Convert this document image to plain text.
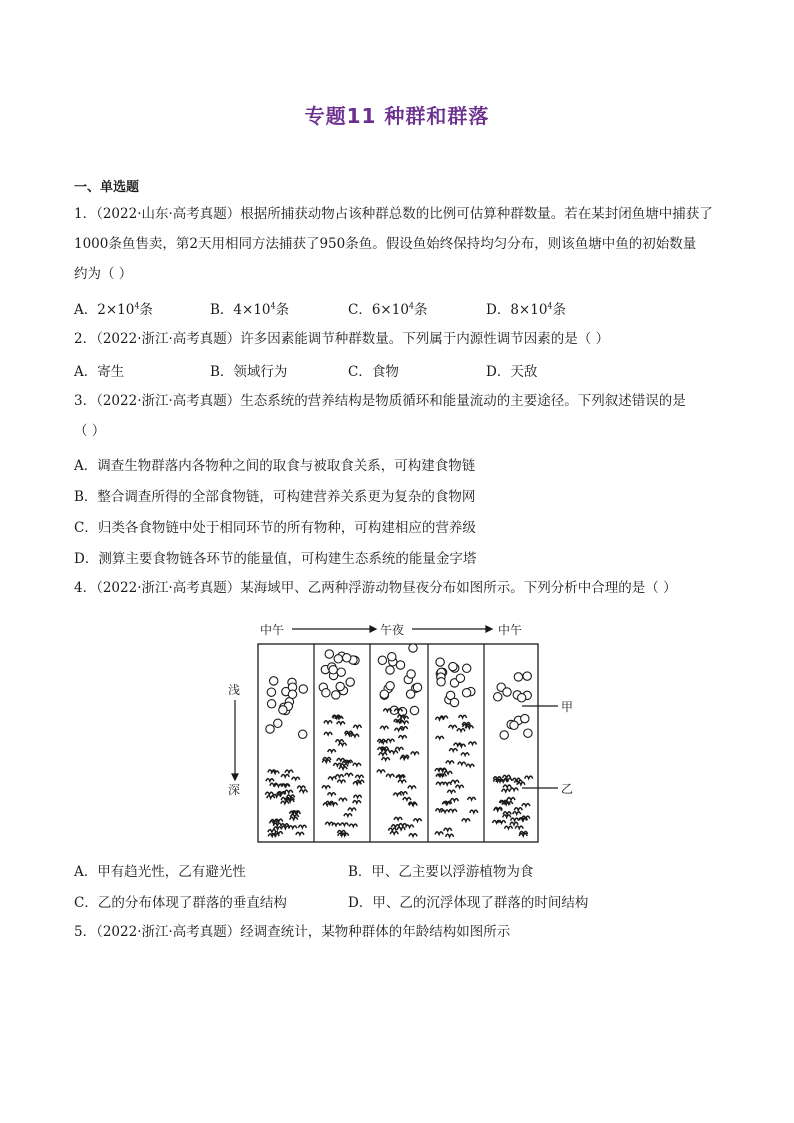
专题11 种群和群落
一、单选题
1．（2022·山东·高考真题）根据所捕获动物占该种群总数的比例可估算种群数量。若在某封闭鱼塘中捕获了
1000条鱼售卖，第2天用相同方法捕获了950条鱼。假设鱼始终保持均匀分布，则该鱼塘中鱼的初始数量
约为（ ）
A．$2\times 10^4$条	B．$4\times 10^4$条	C．$6\times 10^4$条	D．$8\times 10^4$条
2．（2022·浙江·高考真题）许多因素能调节种群数量。下列属于内源性调节因素的是（ ）
A．寄生	B．领域行为	C．食物	D．天敌
3．（2022·浙江·高考真题）生态系统的营养结构是物质循环和能量流动的主要途径。下列叙述错误的是
（ ）
A．调查生物群落内各物种之间的取食与被取食关系，可构建食物链
B．整合调查所得的全部食物链，可构建营养关系更为复杂的食物网
C．归类各食物链中处于相同环节的所有物种，可构建相应的营养级
D．测算主要食物链各环节的能量值，可构建生态系统的能量金字塔
4．（2022·浙江·高考真题）某海域甲、乙两种浮游动物昼夜分布如图所示。下列分析中合理的是（ ）
中午	午夜	中午
浅
深
甲
乙
A．甲有趋光性，乙有避光性	B．甲、乙主要以浮游植物为食
C．乙的分布体现了群落的垂直结构	D．甲、乙的沉浮体现了群落的时间结构
5．（2022·浙江·高考真题）经调查统计，某物种群体的年龄结构如图所示
